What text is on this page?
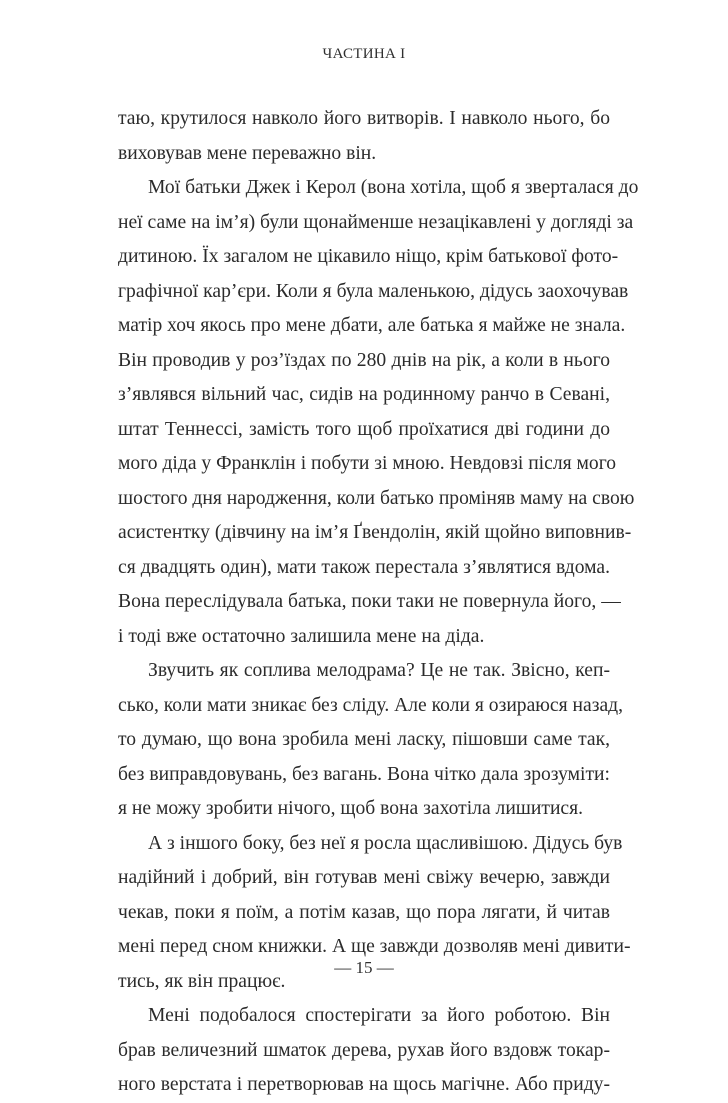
ЧАСТИНА І
таю, крутилося навколо його витворів. І навколо нього, бо
виховував мене переважно він.
Мої батьки Джек і Керол (вона хотіла, щоб я зверталася до
неї саме на ім’я) були щонайменше незацікавлені у догляді за
дитиною. Їх загалом не цікавило ніщо, крім батькової фото-
графічної кар’єри. Коли я була маленькою, дідусь заохочував
матір хоч якось про мене дбати, але батька я майже не знала.
Він проводив у роз’їздах по 280 днів на рік, а коли в нього
з’являвся вільний час, сидів на родинному ранчо в Севані,
штат Теннессі, замість того щоб проїхатися дві години до
мого діда у Франклін і побути зі мною. Невдовзі після мого
шостого дня народження, коли батько проміняв маму на свою
асистентку (дівчину на ім’я Ґвендолін, якій щойно виповнив-
ся двадцять один), мати також перестала з’являтися вдома.
Вона переслідувала батька, поки таки не повернула його, —
і тоді вже остаточно залишила мене на діда.
Звучить як соплива мелодрама? Це не так. Звісно, кеп-
сько, коли мати зникає без сліду. Але коли я озираюся назад,
то думаю, що вона зробила мені ласку, пішовши саме так,
без виправдовувань, без вагань. Вона чітко дала зрозуміти:
я не можу зробити нічого, щоб вона захотіла лишитися.
А з іншого боку, без неї я росла щасливішою. Дідусь був
надійний і добрий, він готував мені свіжу вечерю, завжди
чекав, поки я поїм, а потім казав, що пора лягати, й читав
мені перед сном книжки. А ще завжди дозволяв мені дивити-
тись, як він працює.
Мені подобалося спостерігати за його роботою. Він
брав величезний шматок дерева, рухав його вздовж токар-
ного верстата і перетворював на щось магічне. Або приду-
— 15 —
